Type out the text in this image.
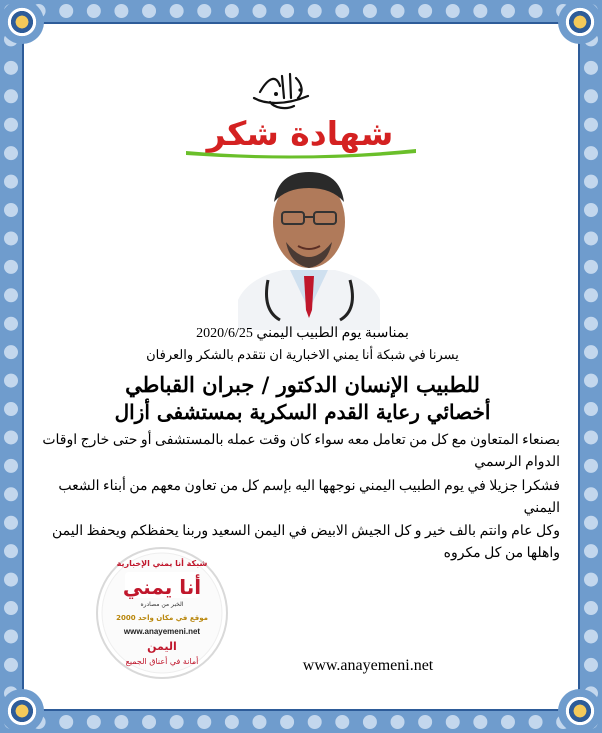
شهادة شكر
بمناسبة يوم الطبيب اليمني 2020/6/25
يسرنا في شبكة أنا يمني الاخبارية ان نتقدم بالشكر والعرفان
للطبيب الإنسان الدكتور / جبران القباطي
أخصائي رعاية القدم السكرية بمستشفى أزال
بصنعاء المتعاون مع كل من تعامل معه سواء كان وقت عمله بالمستشفى أو حتى خارج اوقات الدوام الرسمي
فشكرا جزيلا في يوم الطبيب اليمني نوجهها اليه بإسم كل من تعاون معهم من أبناء الشعب اليمني
وكل عام وانتم بالف خير و كل الجيش الابيض في اليمن السعيد وربنا يحفظكم ويحفظ اليمن واهلها من كل مكروه
شبكة أنا يمني الإخبارية
أنا يمني
الخبر من مصادره
2000 موقع في مكان واحد
www.anayemeni.net
اليمن
أمانة في أعناق الجميع	www.anayemeni.net
